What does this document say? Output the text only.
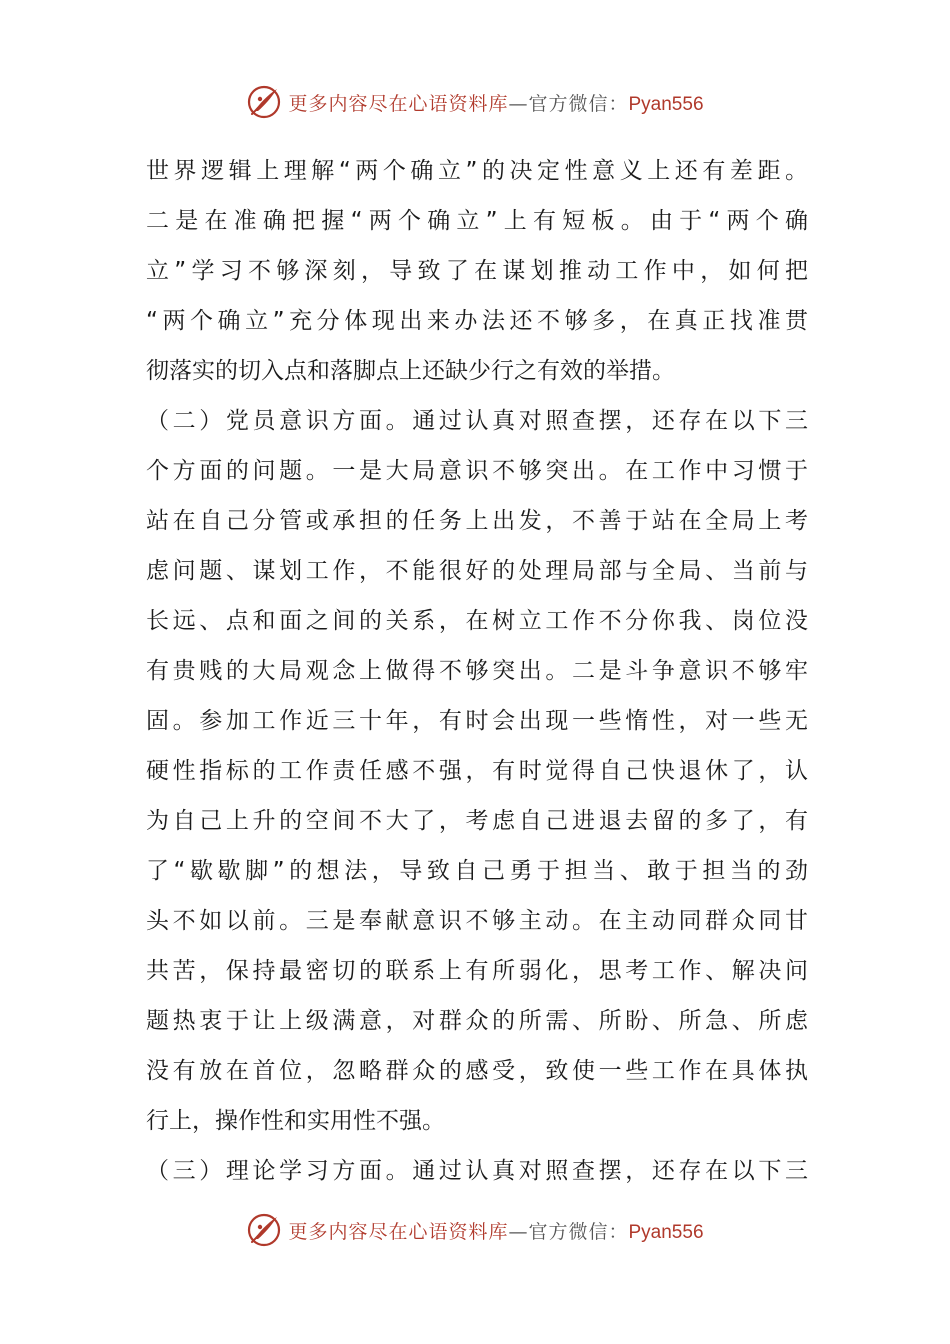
更多内容尽在心语资料库—官方微信：Pyan556
世界逻辑上理解“两个确立”的决定性意义上还有差距。
二是在准确把握“两个确立”上有短板。由于“两个确
立”学习不够深刻，导致了在谋划推动工作中，如何把
“两个确立”充分体现出来办法还不够多，在真正找准贯
彻落实的切入点和落脚点上还缺少行之有效的举措。
（二）党员意识方面。通过认真对照查摆，还存在以下三
个方面的问题。一是大局意识不够突出。在工作中习惯于
站在自己分管或承担的任务上出发，不善于站在全局上考
虑问题、谋划工作，不能很好的处理局部与全局、当前与
长远、点和面之间的关系，在树立工作不分你我、岗位没
有贵贱的大局观念上做得不够突出。二是斗争意识不够牢
固。参加工作近三十年，有时会出现一些惰性，对一些无
硬性指标的工作责任感不强，有时觉得自己快退休了，认
为自己上升的空间不大了，考虑自己进退去留的多了，有
了“歇歇脚”的想法，导致自己勇于担当、敢于担当的劲
头不如以前。三是奉献意识不够主动。在主动同群众同甘
共苦，保持最密切的联系上有所弱化，思考工作、解决问
题热衷于让上级满意，对群众的所需、所盼、所急、所虑
没有放在首位，忽略群众的感受，致使一些工作在具体执
行上，操作性和实用性不强。
（三）理论学习方面。通过认真对照查摆，还存在以下三
更多内容尽在心语资料库—官方微信：Pyan556
